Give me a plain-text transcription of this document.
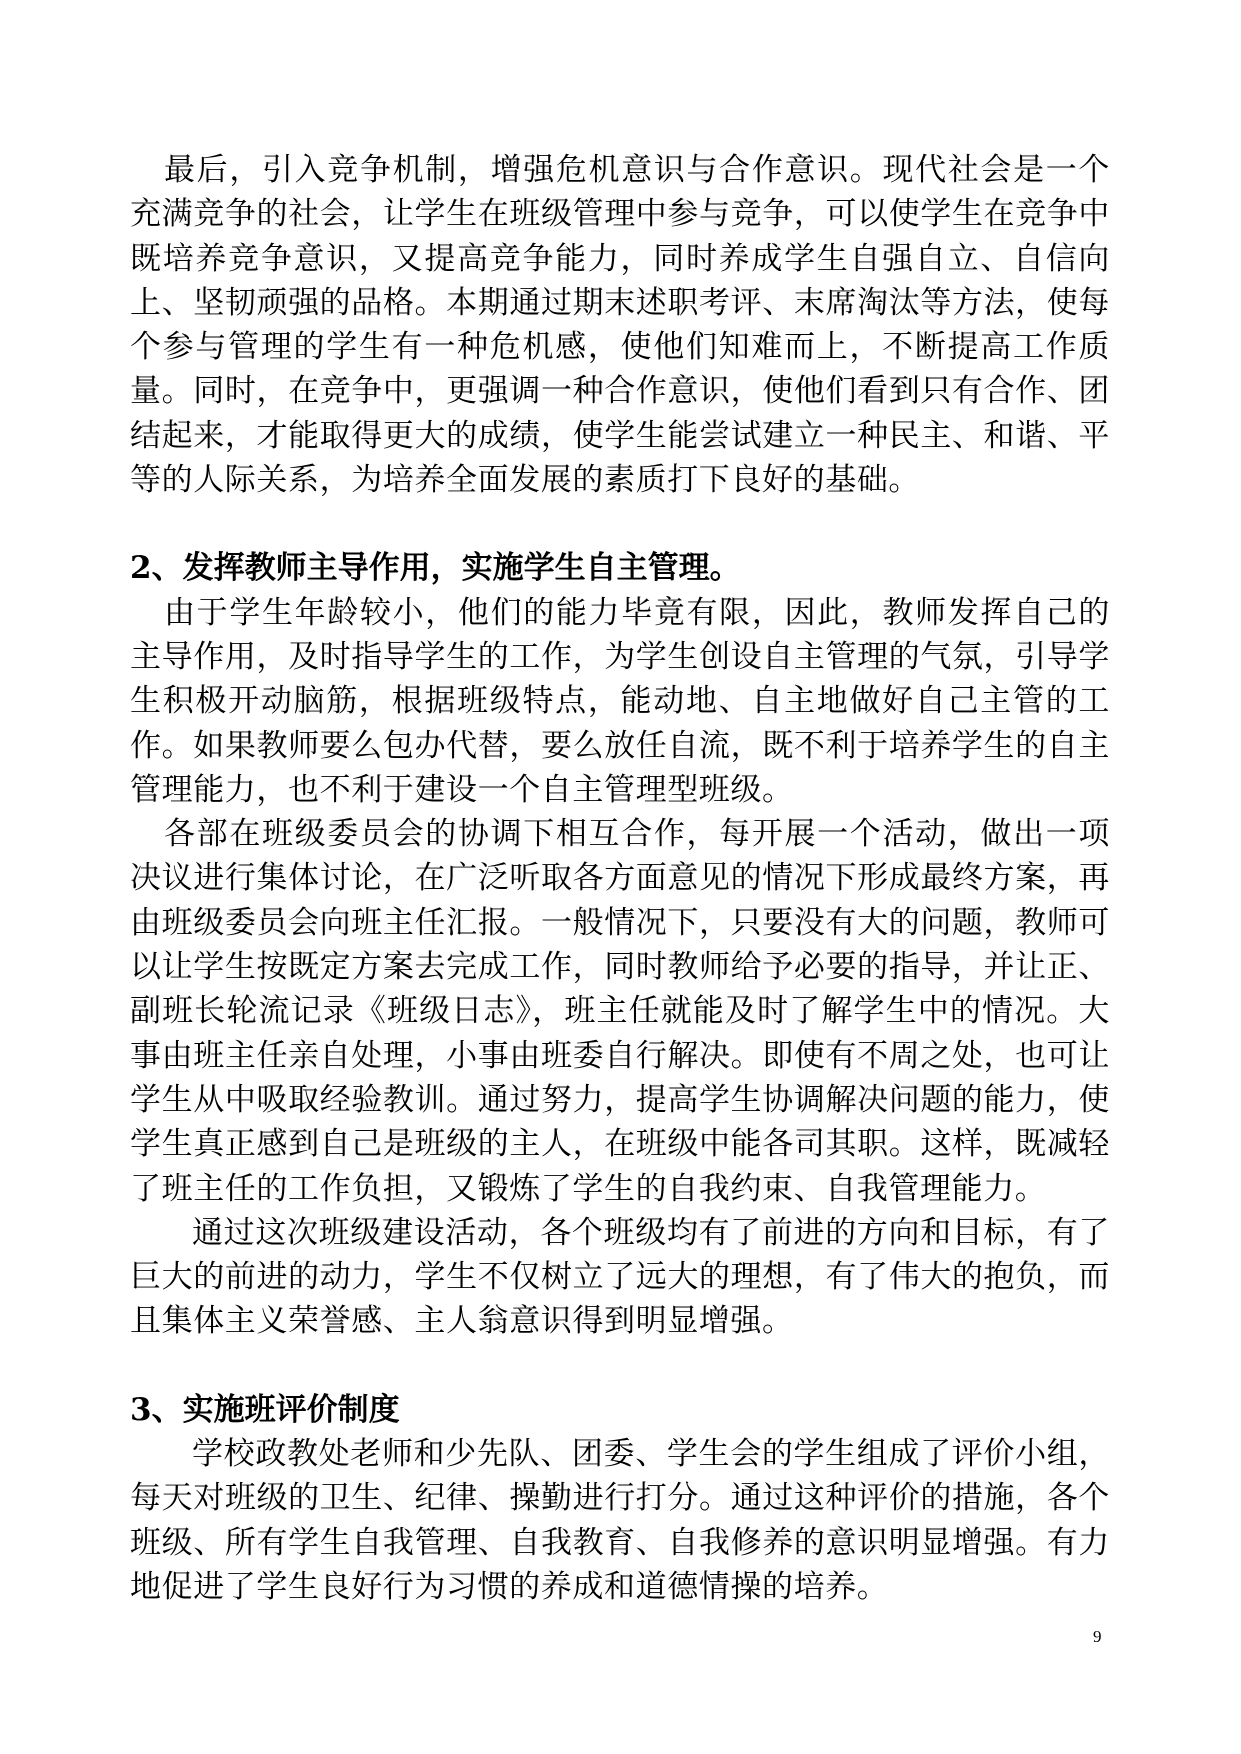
最后，引入竞争机制，增强危机意识与合作意识。现代社会是一个充满竞争的社会，让学生在班级管理中参与竞争，可以使学生在竞争中既培养竞争意识，又提高竞争能力，同时养成学生自强自立、自信向上、坚韧顽强的品格。本期通过期末述职考评、末席淘汰等方法，使每个参与管理的学生有一种危机感，使他们知难而上，不断提高工作质量。同时，在竞争中，更强调一种合作意识，使他们看到只有合作、团结起来，才能取得更大的成绩，使学生能尝试建立一种民主、和谐、平等的人际关系，为培养全面发展的素质打下良好的基础。

2、发挥教师主导作用，实施学生自主管理。

由于学生年龄较小，他们的能力毕竟有限，因此，教师发挥自己的主导作用，及时指导学生的工作，为学生创设自主管理的气氛，引导学生积极开动脑筋，根据班级特点，能动地、自主地做好自己主管的工作。如果教师要么包办代替，要么放任自流，既不利于培养学生的自主管理能力，也不利于建设一个自主管理型班级。

各部在班级委员会的协调下相互合作，每开展一个活动，做出一项决议进行集体讨论，在广泛听取各方面意见的情况下形成最终方案，再由班级委员会向班主任汇报。一般情况下，只要没有大的问题，教师可以让学生按既定方案去完成工作，同时教师给予必要的指导，并让正、副班长轮流记录《班级日志》，班主任就能及时了解学生中的情况。大事由班主任亲自处理，小事由班委自行解决。即使有不周之处，也可让学生从中吸取经验教训。通过努力，提高学生协调解决问题的能力，使学生真正感到自己是班级的主人，在班级中能各司其职。这样，既减轻了班主任的工作负担，又锻炼了学生的自我约束、自我管理能力。

通过这次班级建设活动，各个班级均有了前进的方向和目标，有了巨大的前进的动力，学生不仅树立了远大的理想，有了伟大的抱负，而且集体主义荣誉感、主人翁意识得到明显增强。

3、实施班评价制度

学校政教处老师和少先队、团委、学生会的学生组成了评价小组，每天对班级的卫生、纪律、操勤进行打分。通过这种评价的措施，各个班级、所有学生自我管理、自我教育、自我修养的意识明显增强。有力地促进了学生良好行为习惯的养成和道德情操的培养。

9
